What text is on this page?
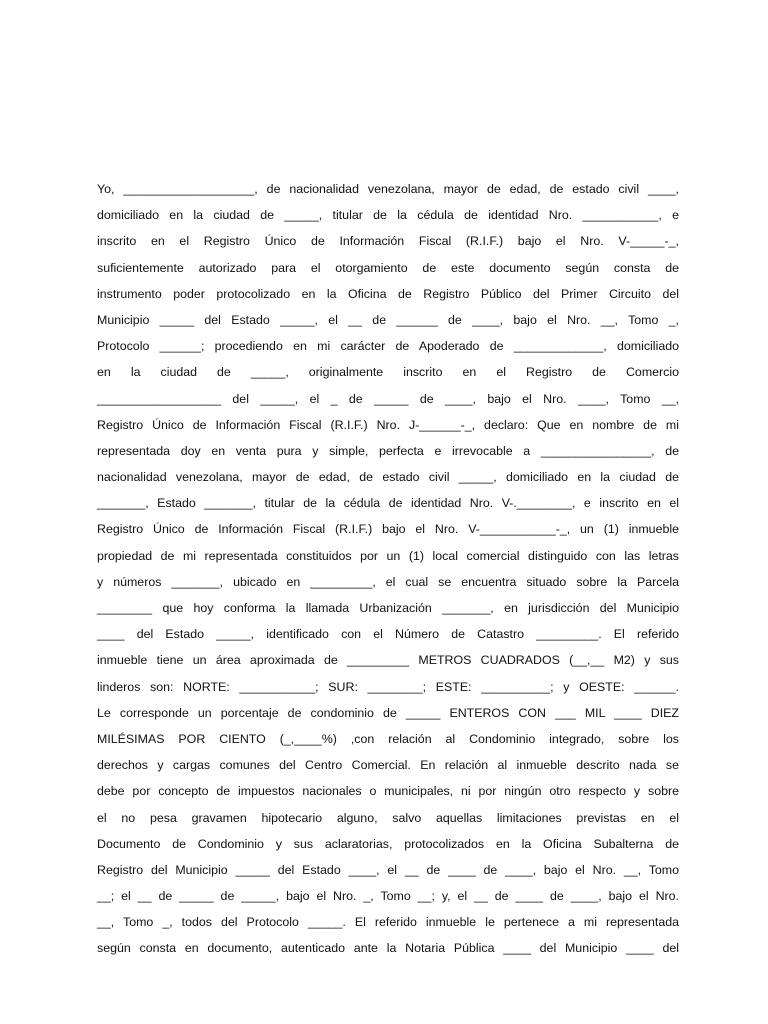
Yo, ___________________, de nacionalidad venezolana, mayor de edad, de estado civil ____,
domiciliado en la ciudad de _____, titular de la cédula de identidad Nro. ___________, e
inscrito en el Registro Único de Información Fiscal (R.I.F.) bajo el Nro. V-_____-_,
suficientemente autorizado para el otorgamiento de este documento según consta de
instrumento poder protocolizado en la Oficina de Registro Público del Primer Circuito del
Municipio _____ del Estado _____, el __ de ______ de ____, bajo el Nro. __, Tomo _,
Protocolo ______; procediendo en mi carácter de Apoderado de _____________, domiciliado
en la ciudad de _____, originalmente inscrito en el Registro de Comercio
__________________ del _____, el _ de _____ de ____, bajo el Nro. ____, Tomo __,
Registro Único de Información Fiscal (R.I.F.) Nro. J-______-_, declaro: Que en nombre de mi
representada doy en venta pura y simple, perfecta e irrevocable a ________________, de
nacionalidad venezolana, mayor de edad, de estado civil _____, domiciliado en la ciudad de
_______, Estado _______, titular de la cédula de identidad Nro. V-.________, e inscrito en el
Registro Único de Información Fiscal (R.I.F.) bajo el Nro. V-___________-_, un (1) inmueble
propiedad de mi representada constituidos por un (1) local comercial distinguido con las letras
y números _______, ubicado en _________, el cual se encuentra situado sobre la Parcela
________ que hoy conforma la llamada Urbanización _______, en jurisdicción del Municipio
____ del Estado _____, identificado con el Número de Catastro _________. El referido
inmueble tiene un área aproximada de _________ METROS CUADRADOS (__,__ M2) y sus
linderos son: NORTE: ___________; SUR: ________; ESTE: __________; y OESTE: ______.
Le corresponde un porcentaje de condominio de _____ ENTEROS CON ___ MIL ____ DIEZ
MILÉSIMAS POR CIENTO (_,____%) ,con relación al Condominio integrado, sobre los
derechos y cargas comunes del Centro Comercial. En relación al inmueble descrito nada se
debe por concepto de impuestos nacionales o municipales, ni por ningún otro respecto y sobre
el no pesa gravamen hipotecario alguno, salvo aquellas limitaciones previstas en el
Documento de Condominio y sus aclaratorias, protocolizados en la Oficina Subalterna de
Registro del Municipio _____ del Estado ____, el __ de ____ de ____, bajo el Nro. __, Tomo
__; el __ de _____ de _____, bajo el Nro. _, Tomo __; y, el __ de ____ de ____, bajo el Nro.
__, Tomo _, todos del Protocolo _____. El referido inmueble le pertenece a mi representada
según consta en documento, autenticado ante la Notaria Pública ____ del Municipio ____ del
